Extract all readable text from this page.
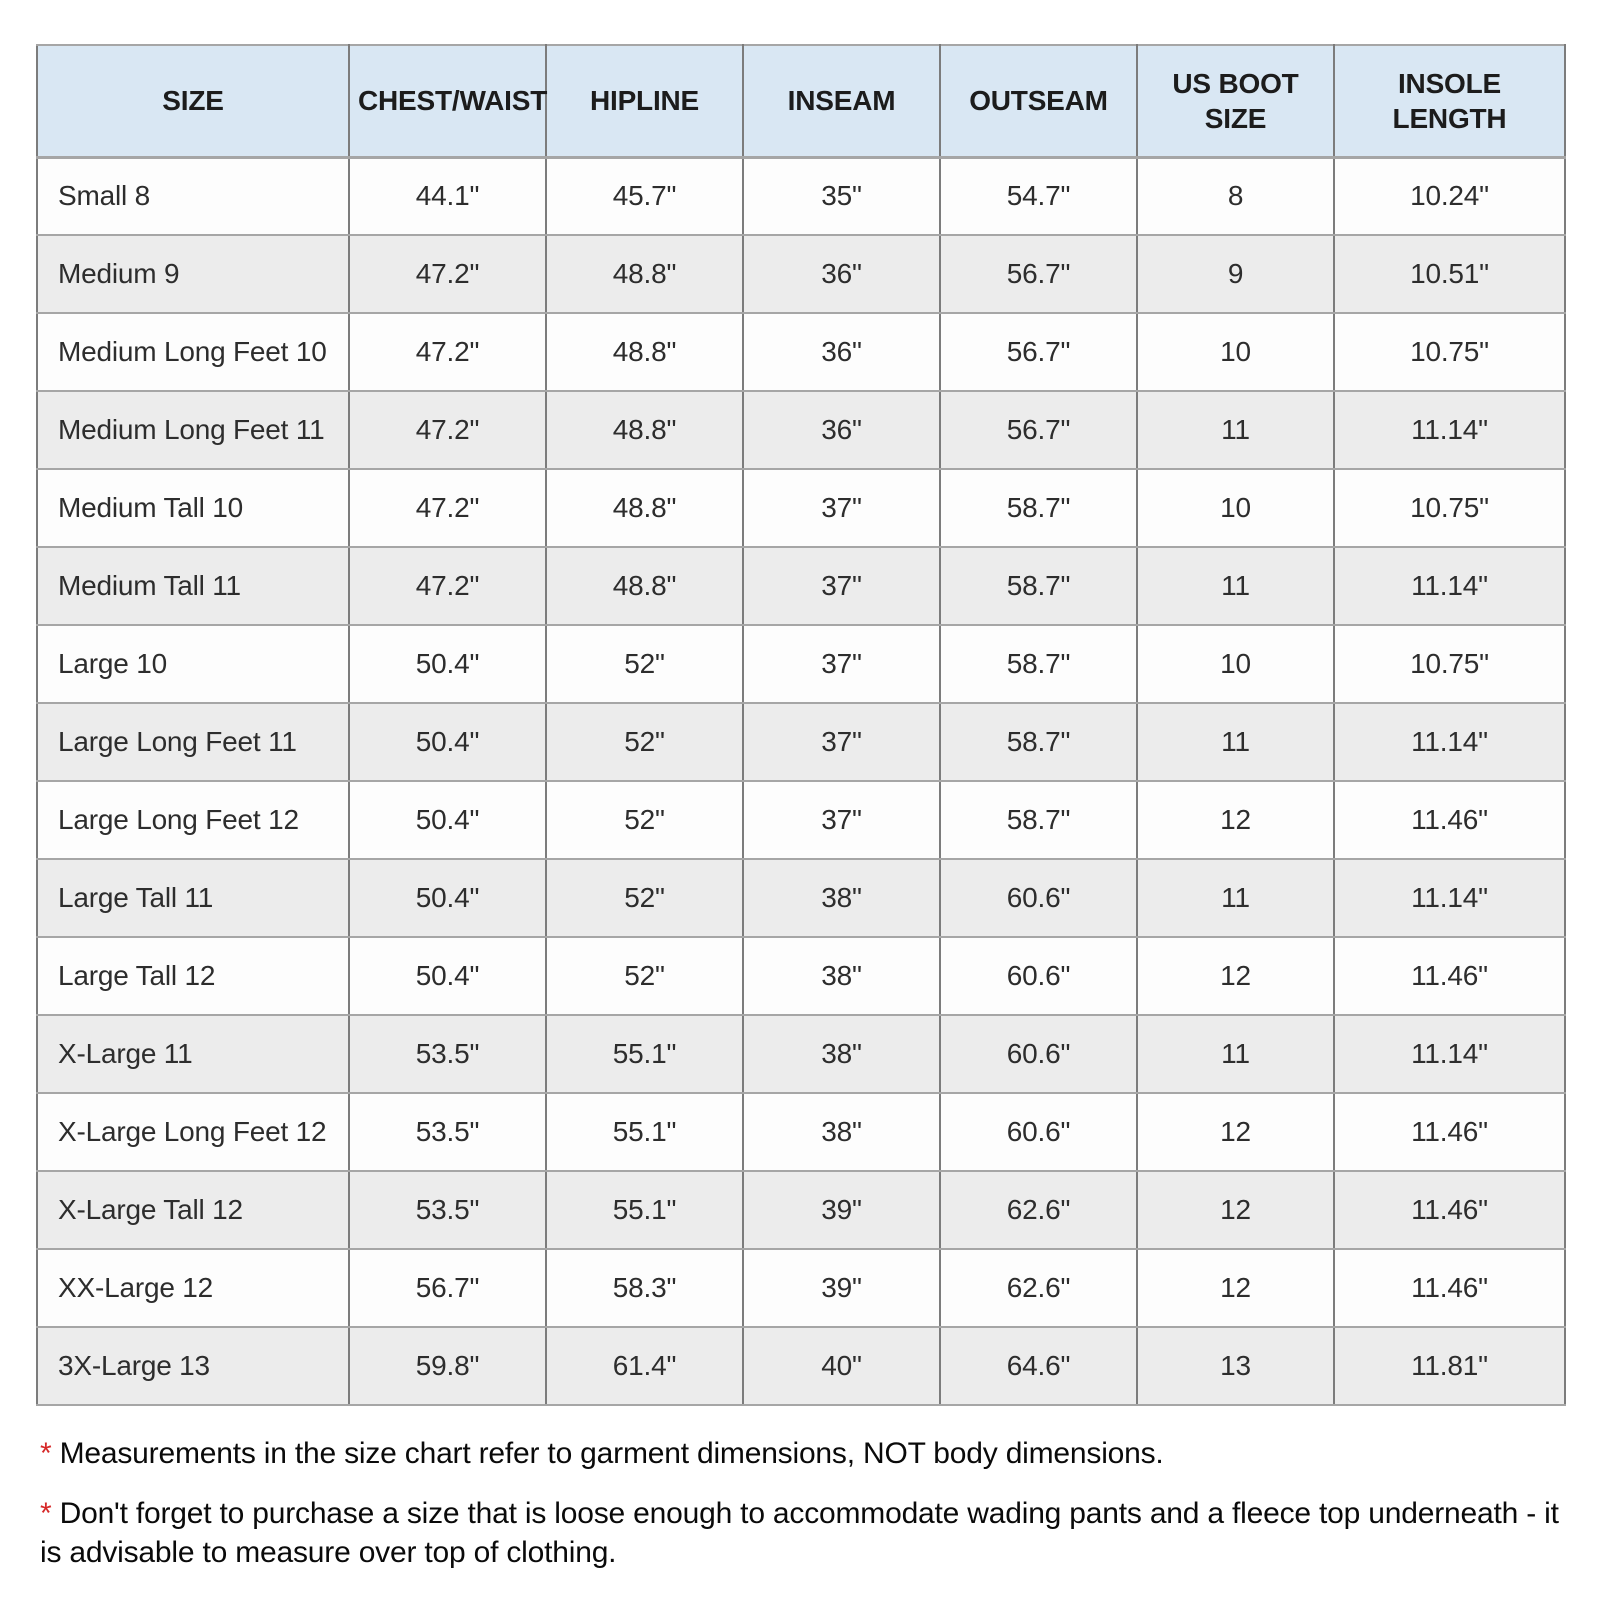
SIZE	CHEST/WAIST	HIPLINE	INSEAM	OUTSEAM	US BOOT SIZE	INSOLE LENGTH
Small 8	44.1"	45.7"	35"	54.7"	8	10.24"
Medium 9	47.2"	48.8"	36"	56.7"	9	10.51"
Medium Long Feet 10	47.2"	48.8"	36"	56.7"	10	10.75"
Medium Long Feet 11	47.2"	48.8"	36"	56.7"	11	11.14"
Medium Tall 10	47.2"	48.8"	37"	58.7"	10	10.75"
Medium Tall 11	47.2"	48.8"	37"	58.7"	11	11.14"
Large 10	50.4"	52"	37"	58.7"	10	10.75"
Large Long Feet 11	50.4"	52"	37"	58.7"	11	11.14"
Large Long Feet 12	50.4"	52"	37"	58.7"	12	11.46"
Large Tall 11	50.4"	52"	38"	60.6"	11	11.14"
Large Tall 12	50.4"	52"	38"	60.6"	12	11.46"
X-Large 11	53.5"	55.1"	38"	60.6"	11	11.14"
X-Large Long Feet 12	53.5"	55.1"	38"	60.6"	12	11.46"
X-Large Tall 12	53.5"	55.1"	39"	62.6"	12	11.46"
XX-Large 12	56.7"	58.3"	39"	62.6"	12	11.46"
3X-Large 13	59.8"	61.4"	40"	64.6"	13	11.81"
* Measurements in the size chart refer to garment dimensions, NOT body dimensions.
* Don't forget to purchase a size that is loose enough to accommodate wading pants and a fleece top underneath - it is advisable to measure over top of clothing.
